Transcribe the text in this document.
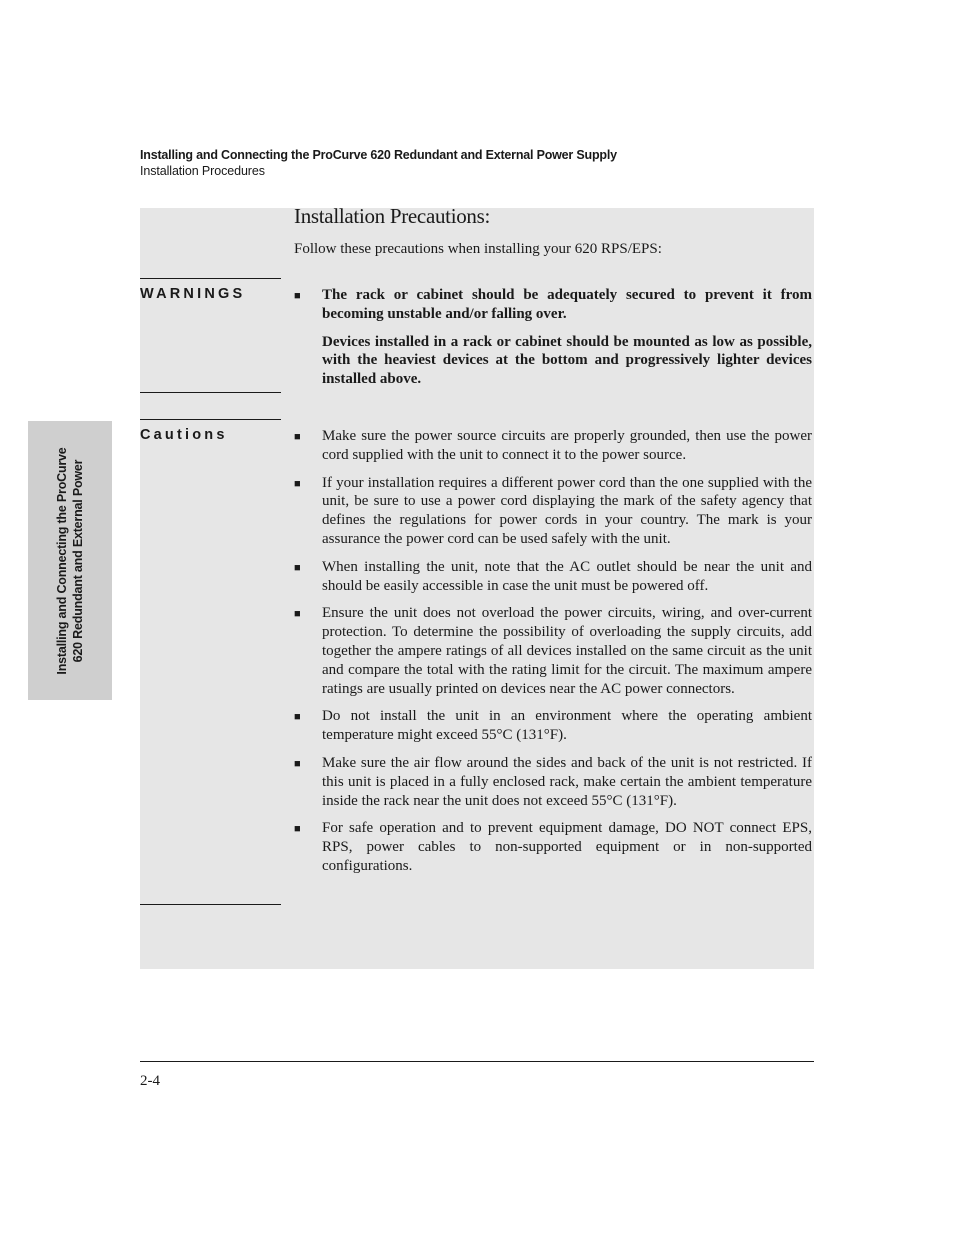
Installing and Connecting the ProCurve 620 Redundant and External Power Supply
Installation Procedures
Installing and Connecting the ProCurve 620 Redundant and External Power
Installation Precautions:

Follow these precautions when installing your 620 RPS/EPS:

WARNINGS	■ The rack or cabinet should be adequately secured to prevent it from becoming unstable and/or falling over.

Devices installed in a rack or cabinet should be mounted as low as possible, with the heaviest devices at the bottom and progressively lighter devices installed above.

Cautions	■ Make sure the power source circuits are properly grounded, then use the power cord supplied with the unit to connect it to the power source.
■ If your installation requires a different power cord than the one supplied with the unit, be sure to use a power cord displaying the mark of the safety agency that defines the regulations for power cords in your country. The mark is your assurance the power cord can be used safely with the unit.
■ When installing the unit, note that the AC outlet should be near the unit and should be easily accessible in case the unit must be powered off.
■ Ensure the unit does not overload the power circuits, wiring, and over-current protection. To determine the possibility of overloading the supply circuits, add together the ampere ratings of all devices installed on the same circuit as the unit and compare the total with the rating limit for the circuit. The maximum ampere ratings are usually printed on devices near the AC power connectors.
■ Do not install the unit in an environment where the operating ambient temperature might exceed 55°C (131°F).
■ Make sure the air flow around the sides and back of the unit is not restricted. If this unit is placed in a fully enclosed rack, make certain the ambient temperature inside the rack near the unit does not exceed 55°C (131°F).
■ For safe operation and to prevent equipment damage, DO NOT connect EPS, RPS, power cables to non-supported equipment or in non-supported configurations.
2-4
